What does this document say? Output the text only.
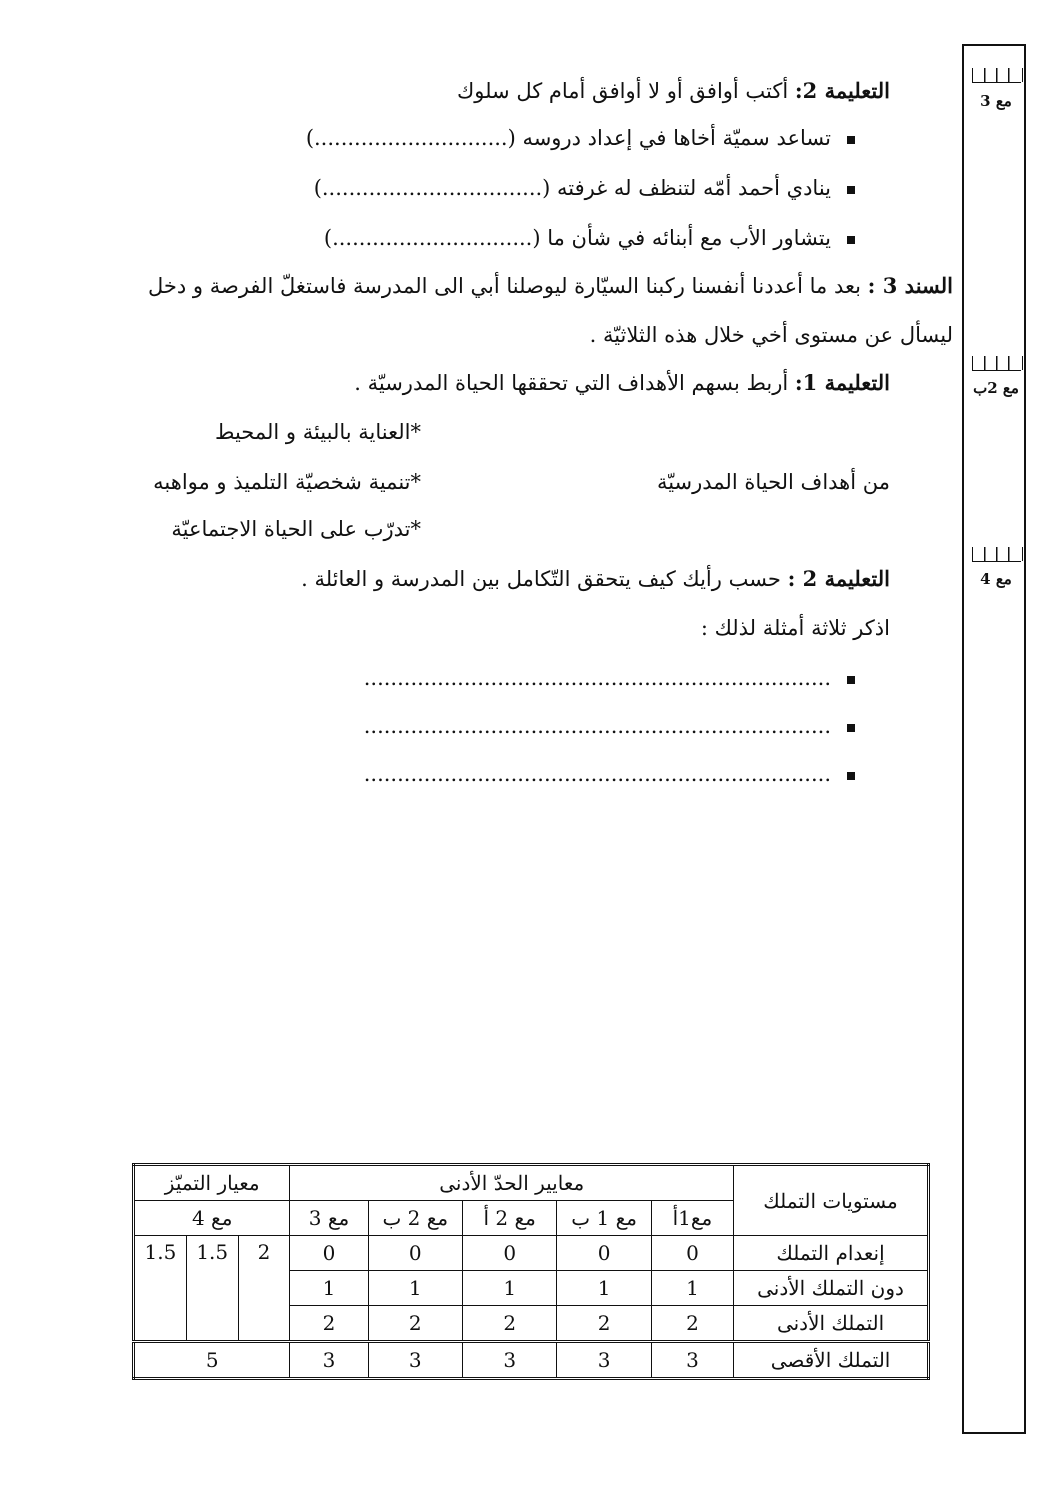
التعليمة 2: أكتب أوافق أو لا أوافق أمام كل سلوك
تساعد سميّة أخاها في إعداد دروسه (.............................)
ينادي أحمد أمّه لتنظف له غرفته (.................................)
يتشاور الأب مع أبنائه في شأن ما (..............................)
السند 3 : بعد ما أعددنا أنفسنا ركبنا السيّارة ليوصلنا أبي الى المدرسة فاستغلّ الفرصة و دخل
ليسأل عن مستوى أخي خلال هذه الثلاثيّة .
التعليمة 1: أربط بسهم الأهداف التي تحققها الحياة المدرسيّة .
*العناية بالبيئة و المحيط
من أهداف الحياة المدرسيّة
*تنمية شخصيّة التلميذ و مواهبه
*تدرّب على الحياة الاجتماعيّة
التعليمة 2 : حسب رأيك كيف يتحقق التّكامل بين المدرسة و العائلة .
اذكر ثلاثة أمثلة لذلك :
......................................................................
......................................................................
......................................................................
مع 3
مع 2ب
مع 4
مستويات التملك	معايير الحدّ الأدنى					معيار التميّز		
	مع1أ	مع 1 ب	مع 2 أ	مع 2 ب	مع 3	مع 4		
إنعدام التملك	0	0	0	0	0	2	1.5	1.5
دون التملك الأدنى	1	1	1	1	1			
التملك الأدنى	2	2	2	2	2			
التملك الأقصى	3	3	3	3	3	5		
